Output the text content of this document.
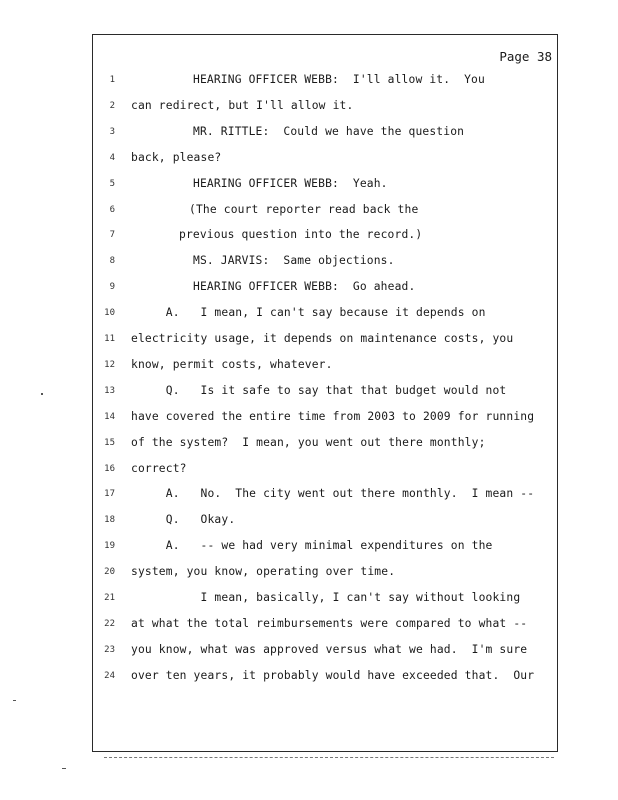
Page 38
1	HEARING OFFICER WEBB:  I'll allow it.  You
2 can redirect, but I'll allow it.
3	MR. RITTLE:  Could we have the question
4 back, please?
5	HEARING OFFICER WEBB:  Yeah.
6	(The court reporter read back the
7	previous question into the record.)
8	MS. JARVIS:  Same objections.
9	HEARING OFFICER WEBB:  Go ahead.
10 A.   I mean, I can't say because it depends on
11 electricity usage, it depends on maintenance costs, you
12 know, permit costs, whatever.
13 Q.   Is it safe to say that that budget would not
14 have covered the entire time from 2003 to 2009 for running
15 of the system?  I mean, you went out there monthly;
16 correct?
17 A.   No.  The city went out there monthly.  I mean --
18 Q.   Okay.
19 A.   -- we had very minimal expenditures on the
20 system, you know, operating over time.
21 I mean, basically, I can't say without looking
22 at what the total reimbursements were compared to what --
23 you know, what was approved versus what we had.  I'm sure
24 over ten years, it probably would have exceeded that.  Our
